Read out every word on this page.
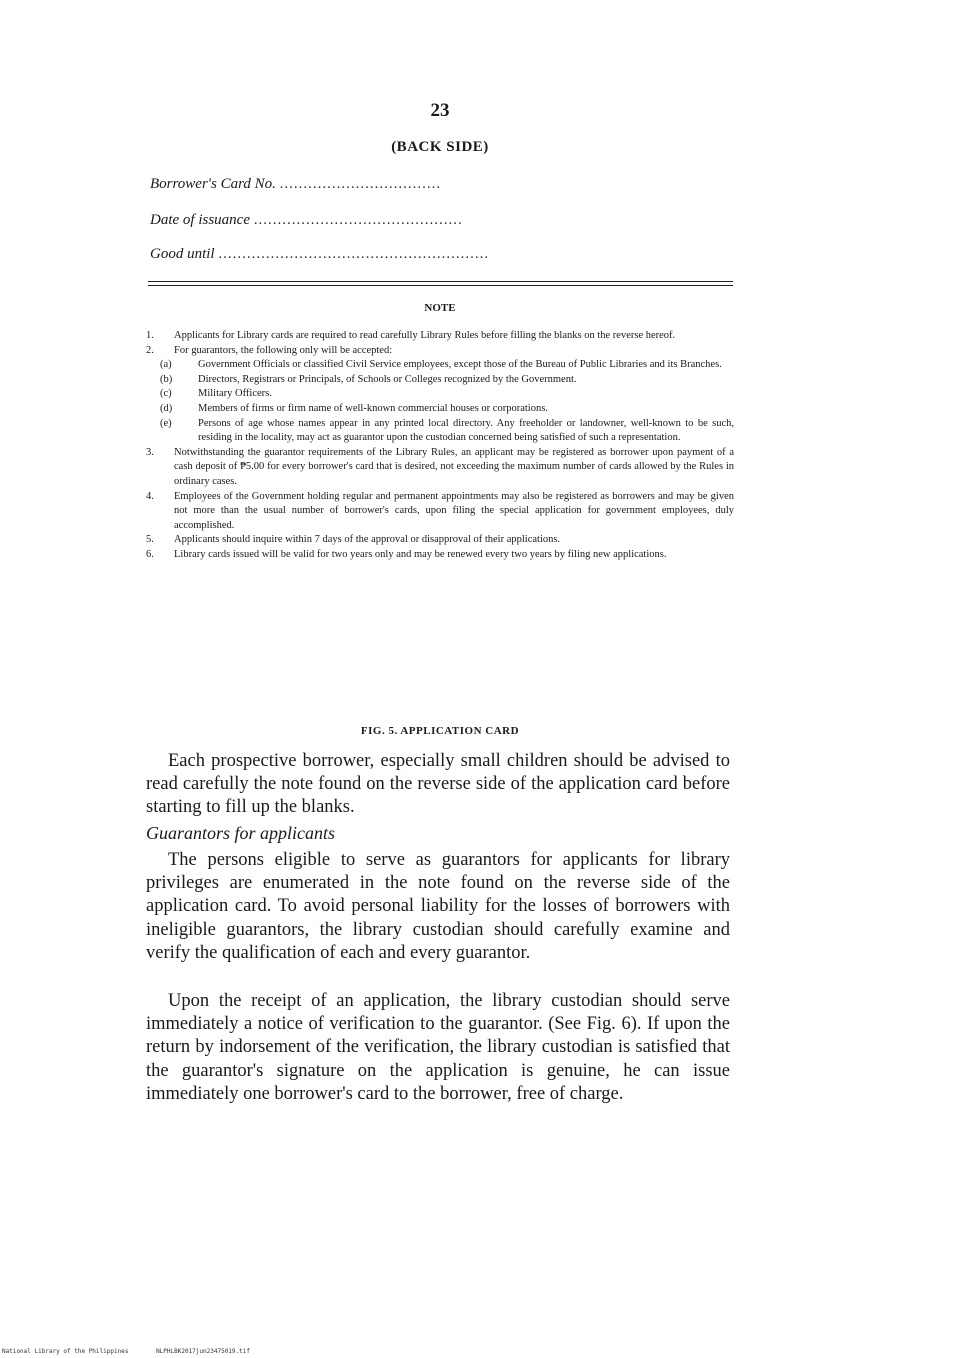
23
(BACK SIDE)
Borrower's Card No. ..................................
Date of issuance ............................................
Good until .........................................................
NOTE
1. Applicants for Library cards are required to read carefully Library Rules before filling the blanks on the reverse hereof.
2. For guarantors, the following only will be accepted:
(a)	Government Officials or classified Civil Service employees, except those of the Bureau of Public Libraries and its Branches.
(b) Directors, Registrars or Principals, of Schools or Colleges recognized by the Government.
(c)	Military Officers.
(d) Members of firms or firm name of well-known commercial houses or corporations.
(e)	Persons of age whose names appear in any printed local directory. Any freeholder or landowner, well-known to be such, residing in the locality, may act as guarantor upon the custodian concerned being satisfied of such a representation.
3. Notwithstanding the guarantor requirements of the Library Rules, an applicant may be registered as borrower upon payment of a cash deposit of ₱5.00 for every borrower's card that is desired, not exceeding the maximum number of cards allowed by the Rules in ordinary cases.
4. Employees of the Government holding regular and permanent appointments may also be registered as borrowers and may be given not more than the usual number of borrower's cards, upon filing the special application for government employees, duly accomplished.
5. Applicants should inquire within 7 days of the approval or disapproval of their applications.
6. Library cards issued will be valid for two years only and may be renewed every two years by filing new applications.
FIG. 5. APPLICATION CARD

Each prospective borrower, especially small children should be advised to read carefully the note found on the reverse side of the application card before starting to fill up the blanks.

Guarantors for applicants

The persons eligible to serve as guarantors for applicants for library privileges are enumerated in the note found on the reverse side of the application card. To avoid personal liability for the losses of borrowers with ineligible guarantors, the library custodian should carefully examine and verify the qualification of each and every guarantor.

Upon the receipt of an application, the library custodian should serve immediately a notice of verification to the guarantor. (See Fig. 6). If upon the return by indorsement of the verification, the library custodian is satisfied that the guarantor's signature on the application is genuine, he can issue immediately one borrower's card to the borrower, free of charge.

National Library of the Philippines	NLPHLBK2017jun23475019.tif
